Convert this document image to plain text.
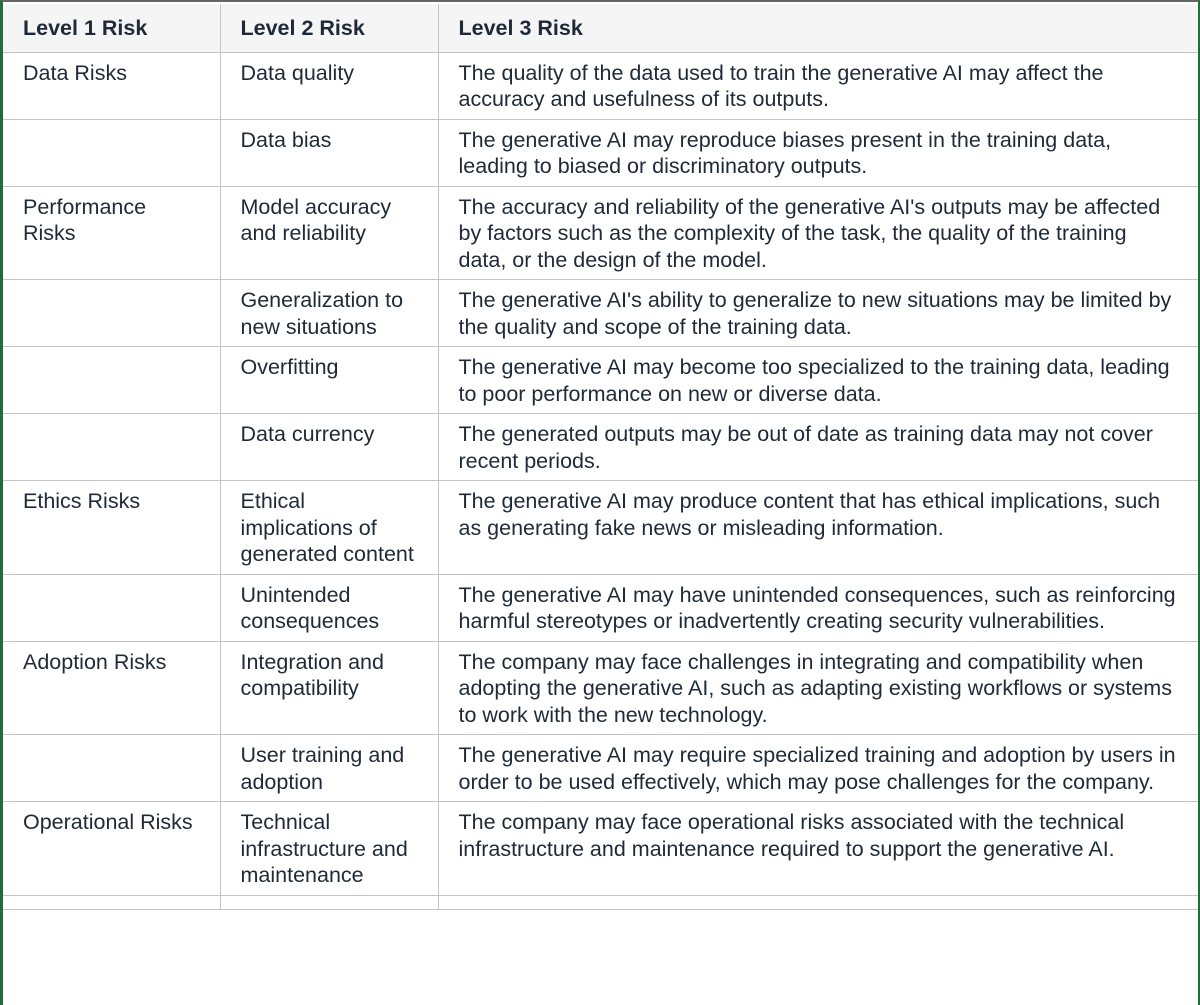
Level 1 Risk	Level 2 Risk	Level 3 Risk
Data Risks	Data quality	The quality of the data used to train the generative AI may affect the accuracy and usefulness of its outputs.
	Data bias	The generative AI may reproduce biases present in the training data, leading to biased or discriminatory outputs.
Performance Risks	Model accuracy and reliability	The accuracy and reliability of the generative AI's outputs may be affected by factors such as the complexity of the task, the quality of the training data, or the design of the model.
	Generalization to new situations	The generative AI's ability to generalize to new situations may be limited by the quality and scope of the training data.
	Overfitting	The generative AI may become too specialized to the training data, leading to poor performance on new or diverse data.
	Data currency	The generated outputs may be out of date as training data may not cover recent periods.
Ethics Risks	Ethical implications of generated content	The generative AI may produce content that has ethical implications, such as generating fake news or misleading information.
	Unintended consequences	The generative AI may have unintended consequences, such as reinforcing harmful stereotypes or inadvertently creating security vulnerabilities.
Adoption Risks	Integration and compatibility	The company may face challenges in integrating and compatibility when adopting the generative AI, such as adapting existing workflows or systems to work with the new technology.
	User training and adoption	The generative AI may require specialized training and adoption by users in order to be used effectively, which may pose challenges for the company.
Operational Risks	Technical infrastructure and maintenance	The company may face operational risks associated with the technical infrastructure and maintenance required to support the generative AI.
